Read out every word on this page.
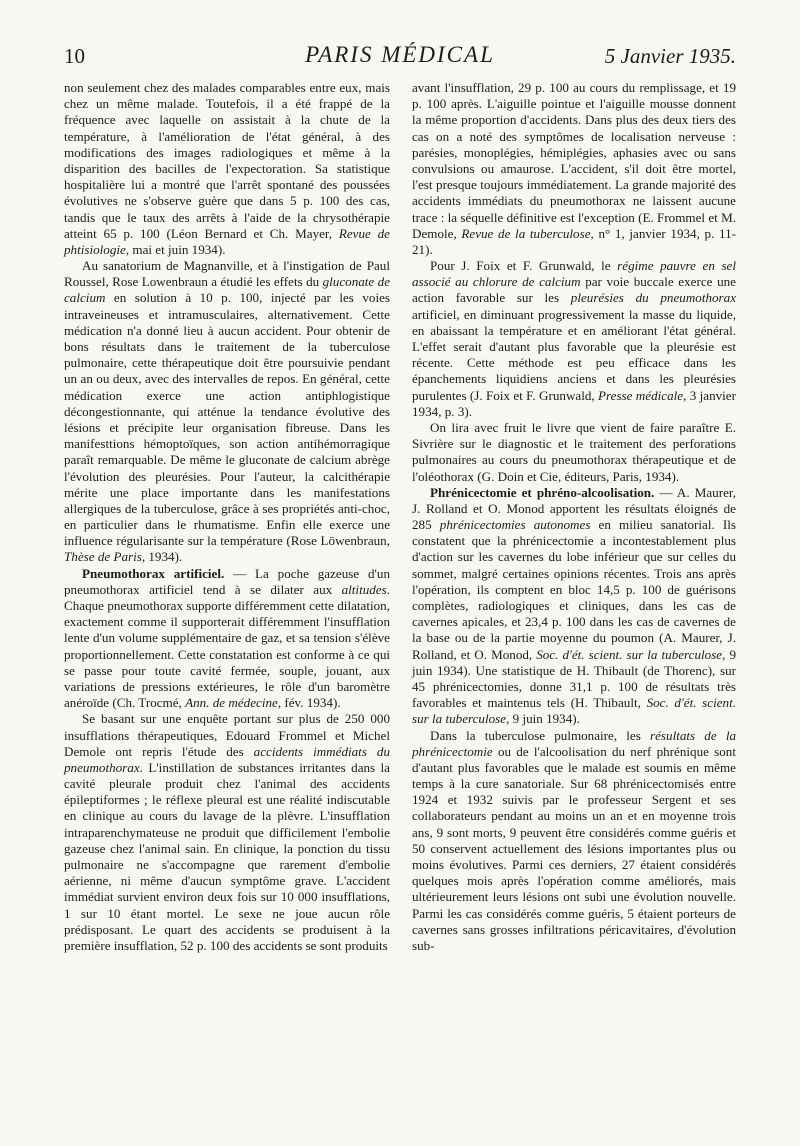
10	PARIS MÉDICAL	5 Janvier 1935.

non seulement chez des malades comparables entre eux, mais chez un même malade. Toutefois, il a été frappé de la fréquence avec laquelle on assistait à la chute de la température, à l'amélioration de l'état général, à des modifications des images radiologiques et même à la disparition des bacilles de l'expectoration. Sa statistique hospitalière lui a montré que l'arrêt spontané des poussées évolutives ne s'observe guère que dans 5 p. 100 des cas, tandis que le taux des arrêts à l'aide de la chrysothérapie atteint 65 p. 100 (Léon Bernard et Ch. Mayer, Revue de phtisiologie, mai et juin 1934).

Au sanatorium de Magnanville, et à l'instigation de Paul Roussel, Rose Lowenbraun a étudié les effets du gluconate de calcium en solution à 10 p. 100, injecté par les voies intraveineuses et intramusculaires, alternativement. Cette médication n'a donné lieu à aucun accident. Pour obtenir de bons résultats dans le traitement de la tuberculose pulmonaire, cette thérapeutique doit être poursuivie pendant un an ou deux, avec des intervalles de repos. En général, cette médication exerce une action antiphlogistique décongestionnante, qui atténue la tendance évolutive des lésions et précipite leur organisation fibreuse. Dans les manifesttions hémoptoïques, son action antihémorragique paraît remarquable. De même le gluconate de calcium abrège l'évolution des pleurésies. Pour l'auteur, la calcithérapie mérite une place importante dans les manifestations allergiques de la tuberculose, grâce à ses propriétés anti-choc, en particulier dans le rhumatisme. Enfin elle exerce une influence régularisante sur la température (Rose Löwenbraun, Thèse de Paris, 1934).

Pneumothorax artificiel. — La poche gazeuse d'un pneumothorax artificiel tend à se dilater aux altitudes. Chaque pneumothorax supporte différemment cette dilatation, exactement comme il supporterait différemment l'insufflation lente d'un volume supplémentaire de gaz, et sa tension s'élève proportionnellement. Cette constatation est conforme à ce qui se passe pour toute cavité fermée, souple, jouant, aux variations de pressions extérieures, le rôle d'un baromètre anéroïde (Ch. Trocmé, Ann. de médecine, fév. 1934).

Se basant sur une enquête portant sur plus de 250 000 insufflations thérapeutiques, Edouard Frommel et Michel Demole ont repris l'étude des accidents immédiats du pneumothorax. L'instillation de substances irritantes dans la cavité pleurale produit chez l'animal des accidents épileptiformes ; le réflexe pleural est une réalité indiscutable en clinique au cours du lavage de la plèvre. L'insufflation intraparenchymateuse ne produit que difficilement l'embolie gazeuse chez l'animal sain. En clinique, la ponction du tissu pulmonaire ne s'accompagne que rarement d'embolie aérienne, ni même d'aucun symptôme grave. L'accident immédiat survient environ deux fois sur 10 000 insufflations, 1 sur 10 étant mortel. Le sexe ne joue aucun rôle prédisposant. Le quart des accidents se produisent à la première insufflation, 52 p. 100 des accidents se sont produits

avant l'insufflation, 29 p. 100 au cours du remplissage, et 19 p. 100 après. L'aiguille pointue et l'aiguille mousse donnent la même proportion d'accidents. Dans plus des deux tiers des cas on a noté des symptômes de localisation nerveuse : parésies, monoplégies, hémiplégies, aphasies avec ou sans convulsions ou amaurose. L'accident, s'il doit être mortel, l'est presque toujours immédiatement. La grande majorité des accidents immédiats du pneumothorax ne laissent aucune trace : la séquelle définitive est l'exception (E. Frommel et M. Demole, Revue de la tuberculose, n° 1, janvier 1934, p. 11-21).

Pour J. Foix et F. Grunwald, le régime pauvre en sel associé au chlorure de calcium par voie buccale exerce une action favorable sur les pleurésies du pneumothorax artificiel, en diminuant progressivement la masse du liquide, en abaissant la température et en améliorant l'état général. L'effet serait d'autant plus favorable que la pleurésie est récente. Cette méthode est peu efficace dans les épanchements liquidiens anciens et dans les pleurésies purulentes (J. Foix et F. Grunwald, Presse médicale, 3 janvier 1934, p. 3).

On lira avec fruit le livre que vient de faire paraître E. Sivrière sur le diagnostic et le traitement des perforations pulmonaires au cours du pneumothorax thérapeutique et de l'oléothorax (G. Doin et Cie, éditeurs, Paris, 1934).

Phrénicectomie et phréno-alcoolisation. — A. Maurer, J. Rolland et O. Monod apportent les résultats éloignés de 285 phrénicectomies autonomes en milieu sanatorial. Ils constatent que la phrénicectomie a incontestablement plus d'action sur les cavernes du lobe inférieur que sur celles du sommet, malgré certaines opinions récentes. Trois ans après l'opération, ils comptent en bloc 14,5 p. 100 de guérisons complètes, radiologiques et cliniques, dans les cas de cavernes apicales, et 23,4 p. 100 dans les cas de cavernes de la base ou de la partie moyenne du poumon (A. Maurer, J. Rolland, et O. Monod, Soc. d'ét. scient. sur la tuberculose, 9 juin 1934). Une statistique de H. Thibault (de Thorenc), sur 45 phrénicectomies, donne 31,1 p. 100 de résultats très favorables et maintenus tels (H. Thibault, Soc. d'ét. scient. sur la tuberculose, 9 juin 1934).

Dans la tuberculose pulmonaire, les résultats de la phrénicectomie ou de l'alcoolisation du nerf phrénique sont d'autant plus favorables que le malade est soumis en même temps à la cure sanatoriale. Sur 68 phrénicectomisés entre 1924 et 1932 suivis par le professeur Sergent et ses collaborateurs pendant au moins un an et en moyenne trois ans, 9 sont morts, 9 peuvent être considérés comme guéris et 50 conservent actuellement des lésions importantes plus ou moins évolutives. Parmi ces derniers, 27 étaient considérés quelques mois après l'opération comme améliorés, mais ultérieurement leurs lésions ont subi une évolution nouvelle. Parmi les cas considérés comme guéris, 5 étaient porteurs de cavernes sans grosses infiltrations péricavitaires, d'évolution sub-
